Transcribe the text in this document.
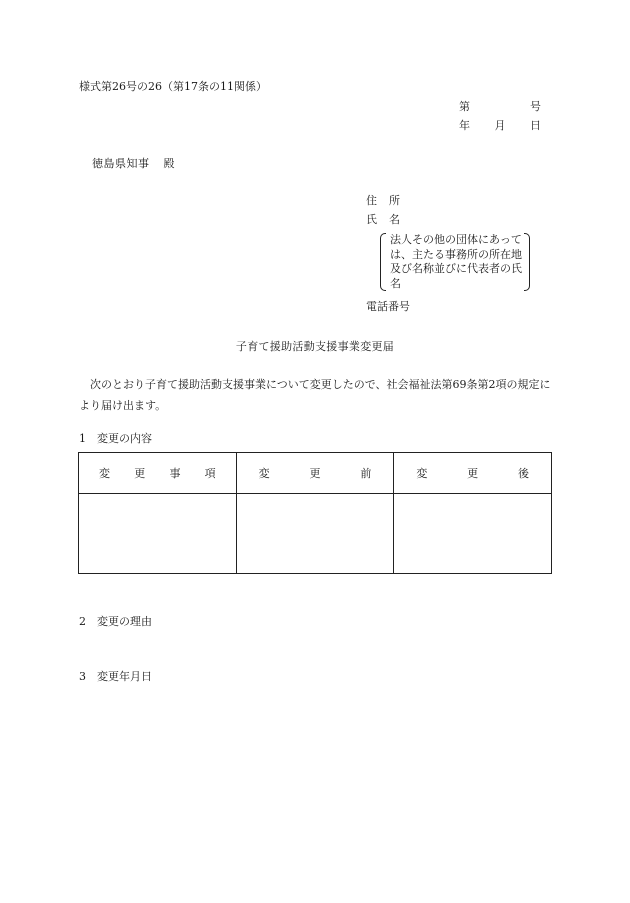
様式第26号の26（第17条の11関係）
第	号
年 月 日
徳島県知事 殿
住 所
氏 名
法人その他の団体にあっては、主たる事務所の所在地及び名称並びに代表者の氏名
電話番号
子育て援助活動支援事業変更届
次のとおり子育て援助活動支援事業について変更したので、社会福祉法第69条第2項の規定により届け出ます。
1 変更の内容
変 更 事 項	変 更 前	変 更 後

2 変更の理由
3 変更年月日
